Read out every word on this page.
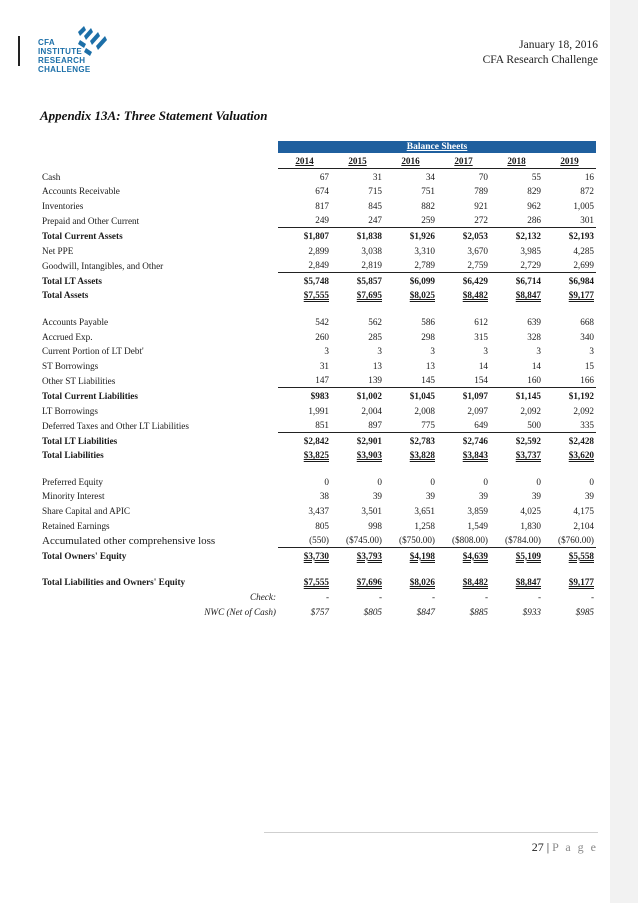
CFA
INSTITUTE
RESEARCH
CHALLENGE
January 18, 2016
CFA Research Challenge
Appendix 13A: Three Statement Valuation
Balance Sheets
	2014	2015	2016	2017	2018	2019
Cash	67	31	34	70	55	16
Accounts Receivable	674	715	751	789	829	872
Inventories	817	845	882	921	962	1,005
Prepaid and Other Current	249	247	259	272	286	301
Total Current Assets	$1,807	$1,838	$1,926	$2,053	$2,132	$2,193
Net PPE	2,899	3,038	3,310	3,670	3,985	4,285
Goodwill, Intangibles, and Other	2,849	2,819	2,789	2,759	2,729	2,699
Total LT Assets	$5,748	$5,857	$6,099	$6,429	$6,714	$6,984
Total Assets	$7,555	$7,695	$8,025	$8,482	$8,847	$9,177

Accounts Payable	542	562	586	612	639	668
Accrued Exp.	260	285	298	315	328	340
Current Portion of LT Debt'	3	3	3	3	3	3
ST Borrowings	31	13	13	14	14	15
Other ST Liabilities	147	139	145	154	160	166
Total Current Liabilities	$983	$1,002	$1,045	$1,097	$1,145	$1,192
LT Borrowings	1,991	2,004	2,008	2,097	2,092	2,092
Deferred Taxes and Other LT Liabilities	851	897	775	649	500	335
Total LT Liabilities	$2,842	$2,901	$2,783	$2,746	$2,592	$2,428
Total Liabilities	$3,825	$3,903	$3,828	$3,843	$3,737	$3,620

Preferred Equity	0	0	0	0	0	0
Minority Interest	38	39	39	39	39	39
Share Capital and APIC	3,437	3,501	3,651	3,859	4,025	4,175
Retained Earnings	805	998	1,258	1,549	1,830	2,104
Accumulated other comprehensive loss	(550)	($745.00)	($750.00)	($808.00)	($784.00)	($760.00)
Total Owners' Equity	$3,730	$3,793	$4,198	$4,639	$5,109	$5,558

Total Liabilities and Owners' Equity	$7,555	$7,696	$8,026	$8,482	$8,847	$9,177
Check:	-	-	-	-	-	-
NWC (Net of Cash)	$757	$805	$847	$885	$933	$985
27 | P a g e
